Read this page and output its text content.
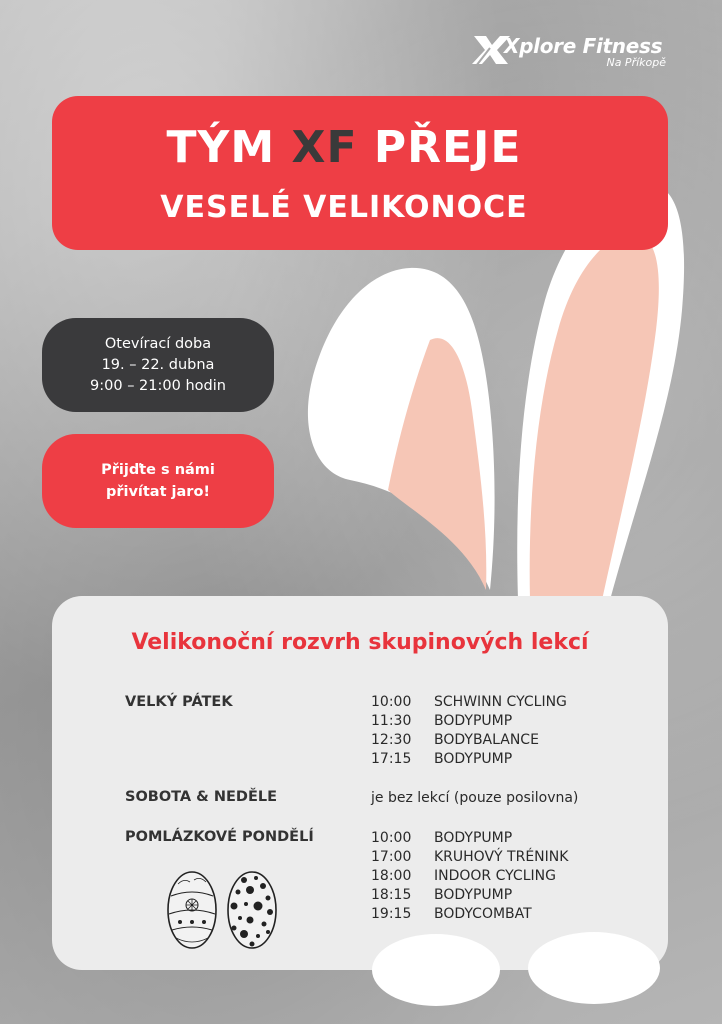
Xplore Fitness
Na Příkopě
TÝM XF PŘEJE
VESELÉ VELIKONOCE
Otevírací doba
19. – 22. dubna
9:00 – 21:00 hodin
Přijďte s námi
přivítat jaro!
Velikonoční rozvrh skupinových lekcí
VELKÝ PÁTEK	10:00	SCHWINN CYCLING
11:30	BODYPUMP
12:30	BODYBALANCE
17:15	BODYPUMP
SOBOTA & NEDĚLE	je bez lekcí (pouze posilovna)
POMLÁZKOVÉ PONDĚLÍ	10:00	BODYPUMP
17:00	KRUHOVÝ TRÉNINK
18:00	INDOOR CYCLING
18:15	BODYPUMP
19:15	BODYCOMBAT
